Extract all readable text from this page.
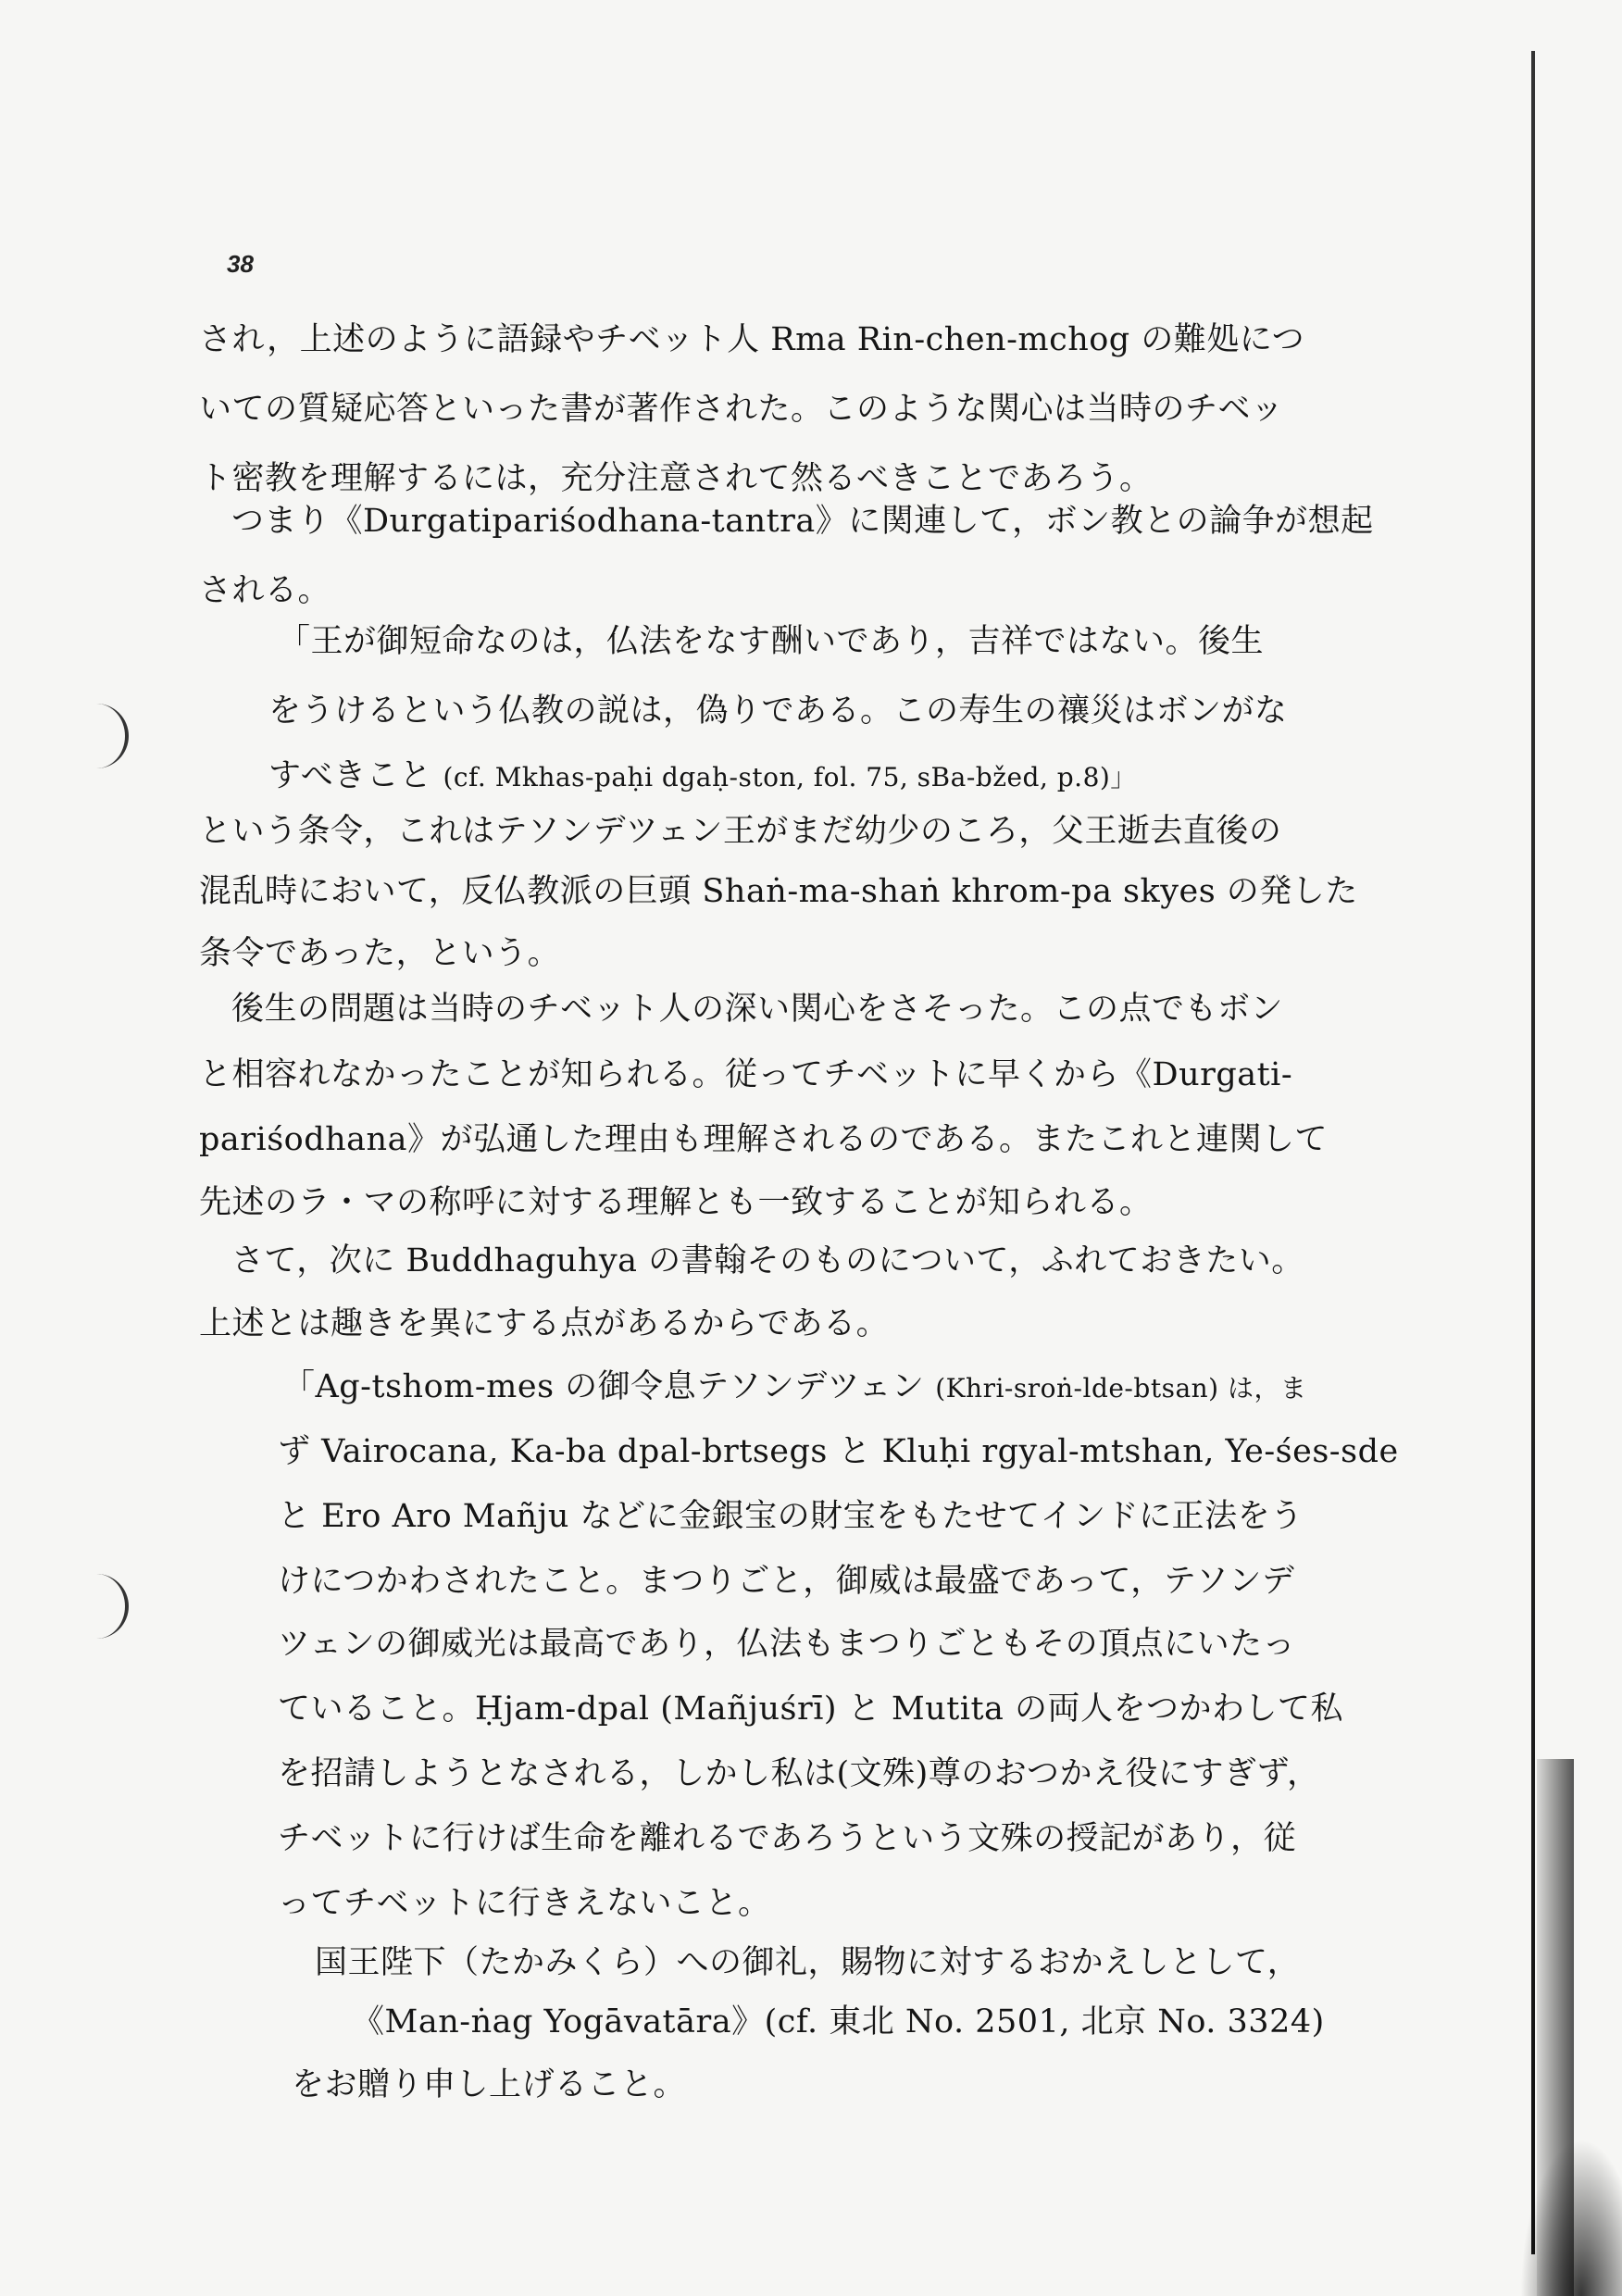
38
され，上述のように語録やチベット人 Rma Rin-chen-mchog の難処につ
いての質疑応答といった書が著作された。このような関心は当時のチベッ
ト密教を理解するには，充分注意されて然るべきことであろう。
つまり《Durgatipariśodhana-tantra》に関連して，ボン教との論争が想起
される。
「王が御短命なのは，仏法をなす酬いであり，吉祥ではない。後生
をうけるという仏教の説は，偽りである。この寿生の禳災はボンがな
すべきこと (cf. Mkhas-paḥi dgaḥ-ston, fol. 75, sBa-bžed, p.8)」
という条令，これはテソンデツェン王がまだ幼少のころ，父王逝去直後の
混乱時において，反仏教派の巨頭 Shaṅ-ma-shaṅ khrom-pa skyes の発した
条令であった，という。
後生の問題は当時のチベット人の深い関心をさそった。この点でもボン
と相容れなかったことが知られる。従ってチベットに早くから《Durgati-
pariśodhana》が弘通した理由も理解されるのである。またこれと連関して
先述のラ・マの称呼に対する理解とも一致することが知られる。
さて，次に Buddhaguhya の書翰そのものについて，ふれておきたい。
上述とは趣きを異にする点があるからである。
「Ag-tshom-mes の御令息テソンデツェン (Khri-sroṅ-lde-btsan) は，ま
ず Vairocana, Ka-ba dpal-brtsegs と Kluḥi rgyal-mtshan, Ye-śes-sde
と Ero Aro Mañju などに金銀宝の財宝をもたせてインドに正法をう
けにつかわされたこと。まつりごと，御威は最盛であって，テソンデ
ツェンの御威光は最高であり，仏法もまつりごともその頂点にいたっ
ていること。Ḥjam-dpal (Mañjuśrī) と Mutita の両人をつかわして私
を招請しようとなされる，しかし私は(文殊)尊のおつかえ役にすぎず，
チベットに行けば生命を離れるであろうという文殊の授記があり，従
ってチベットに行きえないこと。
国王陛下（たかみくら）への御礼，賜物に対するおかえしとして，
《Man-ṅag Yogāvatāra》(cf. 東北 No. 2501, 北京 No. 3324)
をお贈り申し上げること。
